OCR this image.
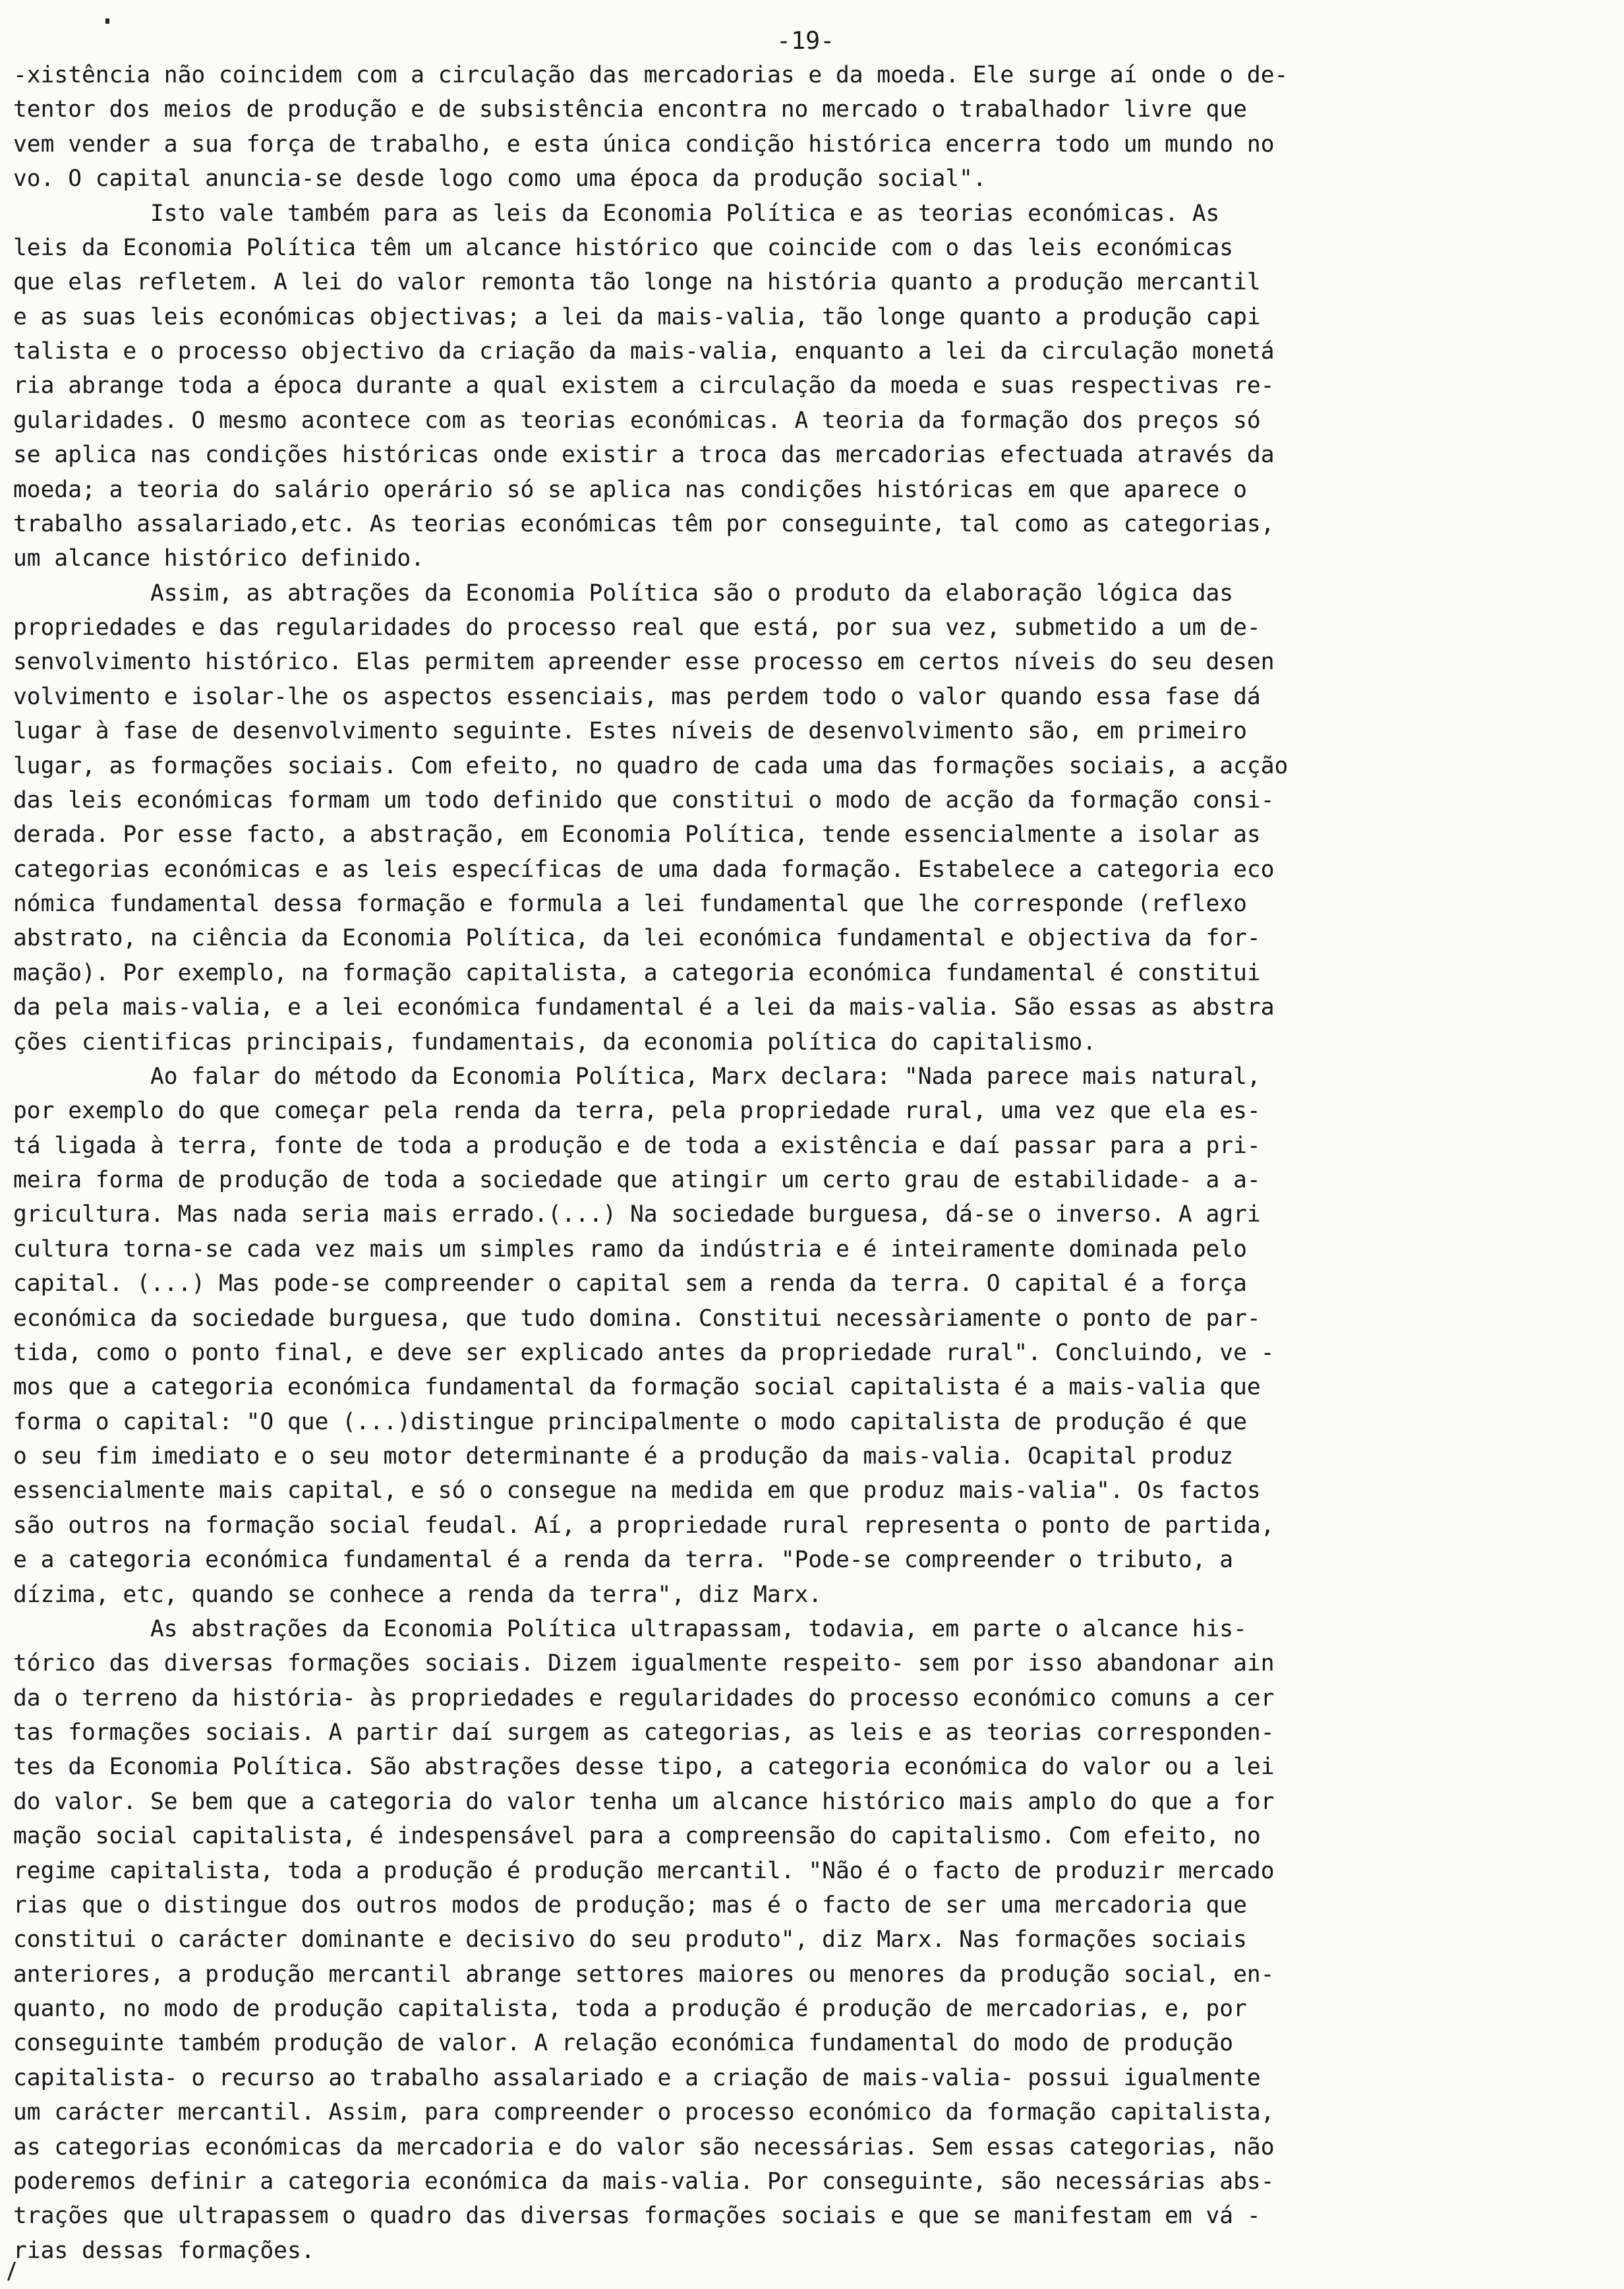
-19-
-xistência não coincidem com a circulação das mercadorias e da moeda. Ele surge aí onde o de-
tentor dos meios de produção e de subsistência encontra no mercado o trabalhador livre que
vem vender a sua força de trabalho, e esta única condição histórica encerra todo um mundo no
vo. O capital anuncia-se desde logo como uma época da produção social".
Isto vale também para as leis da Economia Política e as teorias económicas. As
leis da Economia Política têm um alcance histórico que coincide com o das leis económicas
que elas refletem. A lei do valor remonta tão longe na história quanto a produção mercantil
e as suas leis económicas objectivas; a lei da mais-valia, tão longe quanto a produção capi
talista e o processo objectivo da criação da mais-valia, enquanto a lei da circulação monetá
ria abrange toda a época durante a qual existem a circulação da moeda e suas respectivas re-
gularidades. O mesmo acontece com as teorias económicas. A teoria da formação dos preços só
se aplica nas condições históricas onde existir a troca das mercadorias efectuada através da
moeda; a teoria do salário operário só se aplica nas condições históricas em que aparece o
trabalho assalariado,etc. As teorias económicas têm por conseguinte, tal como as categorias,
um alcance histórico definido.
Assim, as abtrações da Economia Política são o produto da elaboração lógica das
propriedades e das regularidades do processo real que está, por sua vez, submetido a um de-
senvolvimento histórico. Elas permitem apreender esse processo em certos níveis do seu desen
volvimento e isolar-lhe os aspectos essenciais, mas perdem todo o valor quando essa fase dá
lugar à fase de desenvolvimento seguinte. Estes níveis de desenvolvimento são, em primeiro
lugar, as formações sociais. Com efeito, no quadro de cada uma das formações sociais, a acção
das leis económicas formam um todo definido que constitui o modo de acção da formação consi-
derada. Por esse facto, a abstração, em Economia Política, tende essencialmente a isolar as
categorias económicas e as leis específicas de uma dada formação. Estabelece a categoria eco
nómica fundamental dessa formação e formula a lei fundamental que lhe corresponde (reflexo
abstrato, na ciência da Economia Política, da lei económica fundamental e objectiva da for-
mação). Por exemplo, na formação capitalista, a categoria económica fundamental é constitui
da pela mais-valia, e a lei económica fundamental é a lei da mais-valia. São essas as abstra
ções cientificas principais, fundamentais, da economia política do capitalismo.
Ao falar do método da Economia Política, Marx declara: "Nada parece mais natural,
por exemplo do que começar pela renda da terra, pela propriedade rural, uma vez que ela es-
tá ligada à terra, fonte de toda a produção e de toda a existência e daí passar para a pri-
meira forma de produção de toda a sociedade que atingir um certo grau de estabilidade- a a-
gricultura. Mas nada seria mais errado.(...) Na sociedade burguesa, dá-se o inverso. A agri
cultura torna-se cada vez mais um simples ramo da indústria e é inteiramente dominada pelo
capital. (...) Mas pode-se compreender o capital sem a renda da terra. O capital é a força
económica da sociedade burguesa, que tudo domina. Constitui necessàriamente o ponto de par-
tida, como o ponto final, e deve ser explicado antes da propriedade rural". Concluindo, ve -
mos que a categoria económica fundamental da formação social capitalista é a mais-valia que
forma o capital: "O que (...)distingue principalmente o modo capitalista de produção é que
o seu fim imediato e o seu motor determinante é a produção da mais-valia. Ocapital produz
essencialmente mais capital, e só o consegue na medida em que produz mais-valia". Os factos
são outros na formação social feudal. Aí, a propriedade rural representa o ponto de partida,
e a categoria económica fundamental é a renda da terra. "Pode-se compreender o tributo, a
dízima, etc, quando se conhece a renda da terra", diz Marx.
As abstrações da Economia Política ultrapassam, todavia, em parte o alcance his-
tórico das diversas formações sociais. Dizem igualmente respeito- sem por isso abandonar ain
da o terreno da história- às propriedades e regularidades do processo económico comuns a cer
tas formações sociais. A partir daí surgem as categorias, as leis e as teorias corresponden-
tes da Economia Política. São abstrações desse tipo, a categoria económica do valor ou a lei
do valor. Se bem que a categoria do valor tenha um alcance histórico mais amplo do que a for
mação social capitalista, é indespensável para a compreensão do capitalismo. Com efeito, no
regime capitalista, toda a produção é produção mercantil. "Não é o facto de produzir mercado
rias que o distingue dos outros modos de produção; mas é o facto de ser uma mercadoria que
constitui o carácter dominante e decisivo do seu produto", diz Marx. Nas formações sociais
anteriores, a produção mercantil abrange settores maiores ou menores da produção social, en-
quanto, no modo de produção capitalista, toda a produção é produção de mercadorias, e, por
conseguinte também produção de valor. A relação económica fundamental do modo de produção
capitalista- o recurso ao trabalho assalariado e a criação de mais-valia- possui igualmente
um carácter mercantil. Assim, para compreender o processo económico da formação capitalista,
as categorias económicas da mercadoria e do valor são necessárias. Sem essas categorias, não
poderemos definir a categoria económica da mais-valia. Por conseguinte, são necessárias abs-
trações que ultrapassem o quadro das diversas formações sociais e que se manifestam em vá -
rias dessas formações.
